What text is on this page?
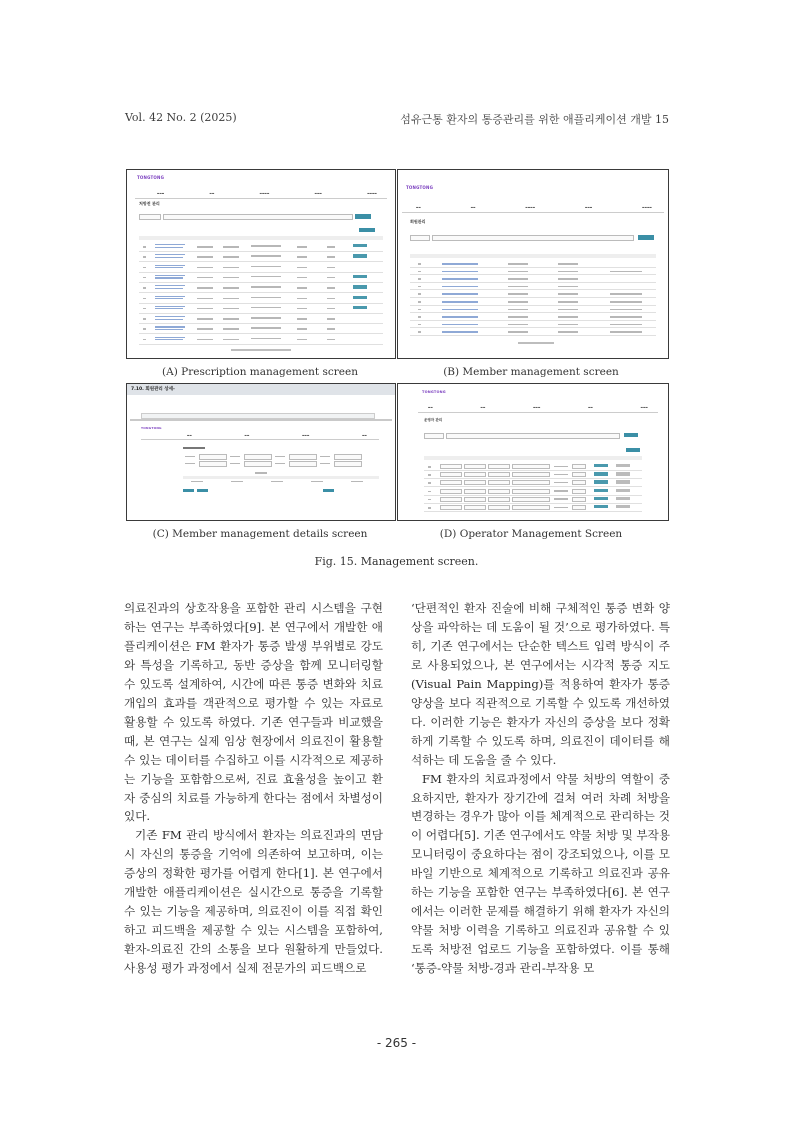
Vol. 42 No. 2 (2025)	섬유근통 환자의 통증관리를 위한 애플리케이션 개발 15
TONGTONG
▬▬▬	▬▬	▬▬▬▬	▬▬▬	▬▬▬▬
처방전 관리
TONGTONG
▬▬	▬▬	▬▬▬▬	▬▬▬	▬▬▬▬
회원관리
7.10. 회원관리 상세-
TONGTONG
▬▬	▬▬	▬▬▬	▬▬
TONGTONG
▬▬	▬▬	▬▬▬	▬▬	▬▬▬
운영자 관리
(A) Prescription management screen	(B) Member management screen
(C) Member management details screen	(D) Operator Management Screen
Fig. 15. Management screen.

의료진과의 상호작용을 포함한 관리 시스템을 구현하는 연구는 부족하였다[9]. 본 연구에서 개발한 애플리케이션은 FM 환자가 통증 발생 부위별로 강도와 특성을 기록하고, 동반 증상을 함께 모니터링할 수 있도록 설계하여, 시간에 따른 통증 변화와 치료 개입의 효과를 객관적으로 평가할 수 있는 자료로 활용할 수 있도록 하였다. 기존 연구들과 비교했을 때, 본 연구는 실제 임상 현장에서 의료진이 활용할 수 있는 데이터를 수집하고 이를 시각적으로 제공하는 기능을 포함함으로써, 진료 효율성을 높이고 환자 중심의 치료를 가능하게 한다는 점에서 차별성이 있다.

기존 FM 관리 방식에서 환자는 의료진과의 면담 시 자신의 통증을 기억에 의존하여 보고하며, 이는 증상의 정확한 평가를 어렵게 한다[1]. 본 연구에서 개발한 애플리케이션은 실시간으로 통증을 기록할 수 있는 기능을 제공하며, 의료진이 이를 직접 확인하고 피드백을 제공할 수 있는 시스템을 포함하여, 환자-의료진 간의 소통을 보다 원활하게 만들었다. 사용성 평가 과정에서 실제 전문가의 피드백으로

‘단편적인 환자 진술에 비해 구체적인 통증 변화 양상을 파악하는 데 도움이 될 것’으로 평가하였다. 특히, 기존 연구에서는 단순한 텍스트 입력 방식이 주로 사용되었으나, 본 연구에서는 시각적 통증 지도(Visual Pain Mapping)를 적용하여 환자가 통증 양상을 보다 직관적으로 기록할 수 있도록 개선하였다. 이러한 기능은 환자가 자신의 증상을 보다 정확하게 기록할 수 있도록 하며, 의료진이 데이터를 해석하는 데 도움을 줄 수 있다.

FM 환자의 치료과정에서 약물 처방의 역할이 중요하지만, 환자가 장기간에 걸쳐 여러 차례 처방을 변경하는 경우가 많아 이를 체계적으로 관리하는 것이 어렵다[5]. 기존 연구에서도 약물 처방 및 부작용 모니터링이 중요하다는 점이 강조되었으나, 이를 모바일 기반으로 체계적으로 기록하고 의료진과 공유하는 기능을 포함한 연구는 부족하였다[6]. 본 연구에서는 이러한 문제를 해결하기 위해 환자가 자신의 약물 처방 이력을 기록하고 의료진과 공유할 수 있도록 처방전 업로드 기능을 포함하였다. 이를 통해 ‘통증-약물 처방-경과 관리-부작용 모

- 265 -
